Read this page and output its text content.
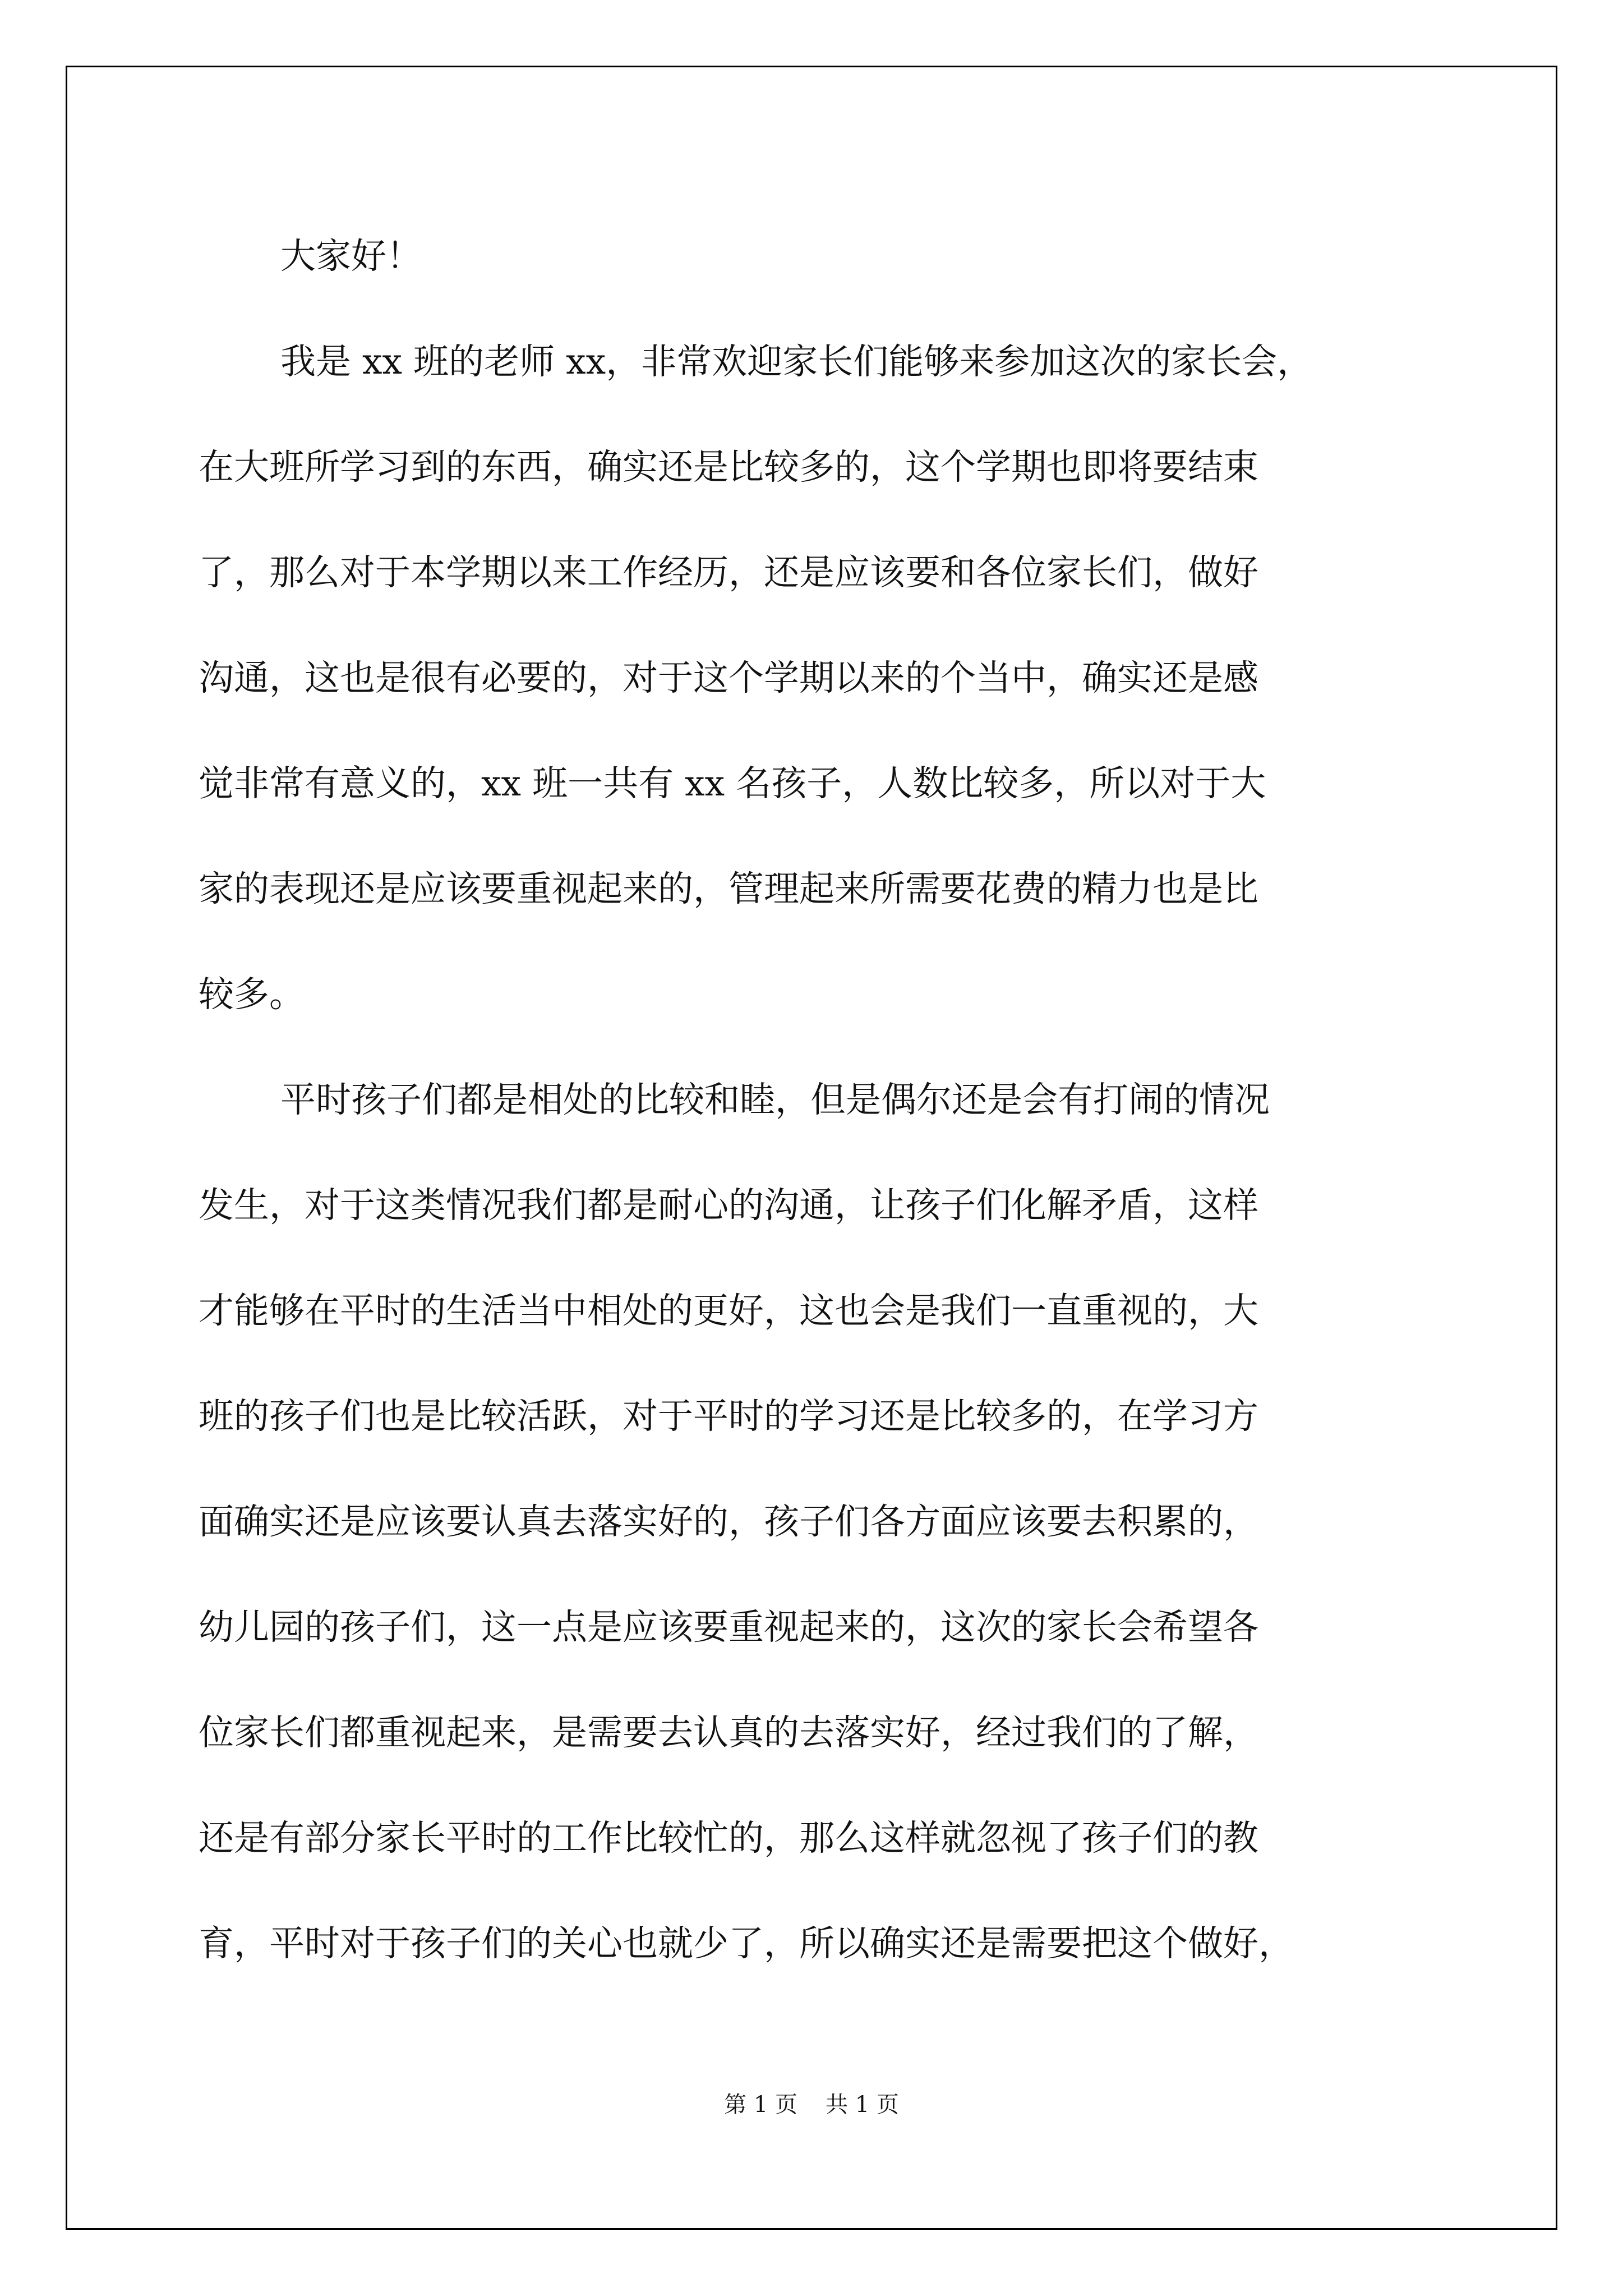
大家好！
我是 xx 班的老师 xx，非常欢迎家长们能够来参加这次的家长会，
在大班所学习到的东西，确实还是比较多的，这个学期也即将要结束
了，那么对于本学期以来工作经历，还是应该要和各位家长们，做好
沟通，这也是很有必要的，对于这个学期以来的个当中，确实还是感
觉非常有意义的，xx 班一共有 xx 名孩子，人数比较多，所以对于大
家的表现还是应该要重视起来的，管理起来所需要花费的精力也是比
较多。
平时孩子们都是相处的比较和睦，但是偶尔还是会有打闹的情况
发生，对于这类情况我们都是耐心的沟通，让孩子们化解矛盾，这样
才能够在平时的生活当中相处的更好，这也会是我们一直重视的，大
班的孩子们也是比较活跃，对于平时的学习还是比较多的，在学习方
面确实还是应该要认真去落实好的，孩子们各方面应该要去积累的，
幼儿园的孩子们，这一点是应该要重视起来的，这次的家长会希望各
位家长们都重视起来，是需要去认真的去落实好，经过我们的了解，
还是有部分家长平时的工作比较忙的，那么这样就忽视了孩子们的教
育，平时对于孩子们的关心也就少了，所以确实还是需要把这个做好，
第 1 页 共 1 页
